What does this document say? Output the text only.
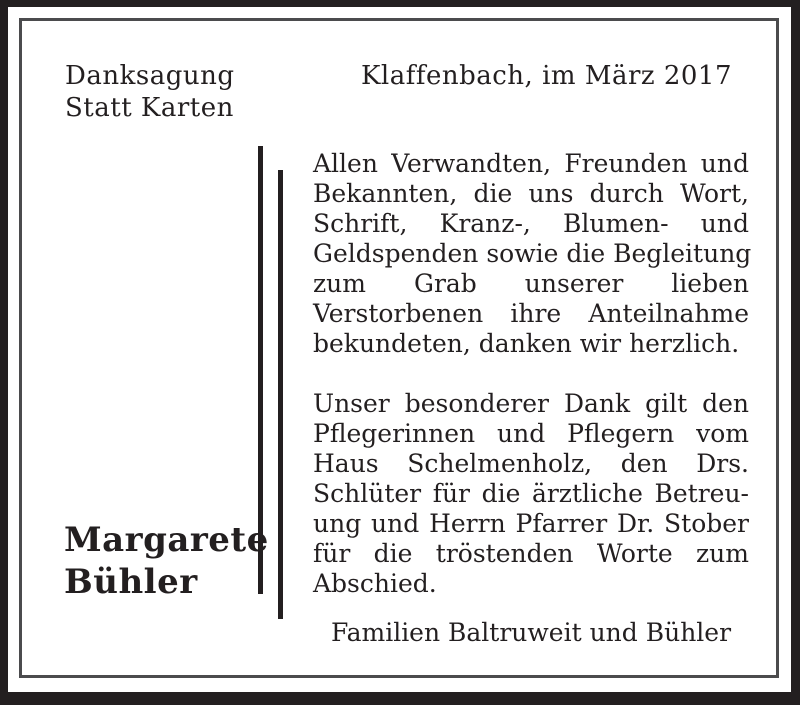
Danksagung
Statt Karten
Klaffenbach, im März 2017
Margarete
Bühler
Allen Verwandten, Freunden und
Bekannten, die uns durch Wort,
Schrift, Kranz-, Blumen- und
Geldspenden sowie die Begleitung
zum Grab unserer lieben
Verstorbenen ihre Anteilnahme
bekundeten, danken wir herzlich.
Unser besonderer Dank gilt den
Pflegerinnen und Pflegern vom
Haus Schelmenholz, den Drs.
Schlüter für die ärztliche Betreu-
ung und Herrn Pfarrer Dr. Stober
für die tröstenden Worte zum
Abschied.
Familien Baltruweit und Bühler
